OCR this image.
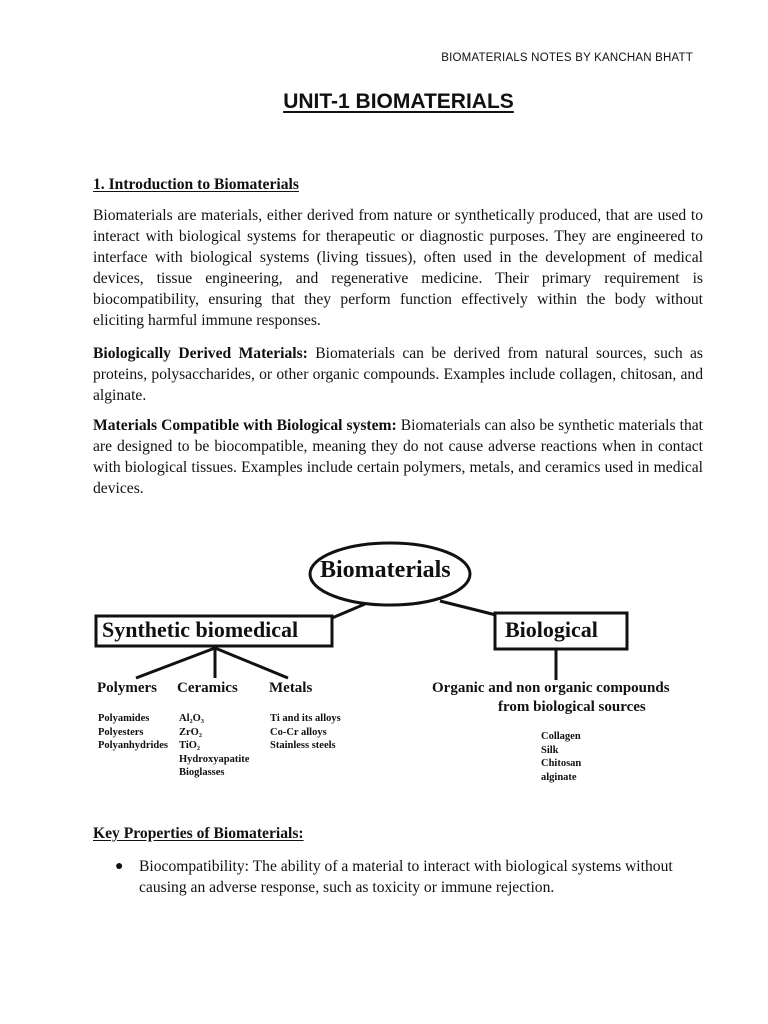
BIOMATERIALS NOTES BY KANCHAN BHATT
UNIT-1 BIOMATERIALS
1. Introduction to Biomaterials

Biomaterials are materials, either derived from nature or synthetically produced, that are used to interact with biological systems for therapeutic or diagnostic purposes. They are engineered to interface with biological systems (living tissues), often used in the development of medical devices, tissue engineering, and regenerative medicine. Their primary requirement is biocompatibility, ensuring that they perform function effectively within the body without eliciting harmful immune responses.

Biologically Derived Materials: Biomaterials can be derived from natural sources, such as proteins, polysaccharides, or other organic compounds. Examples include collagen, chitosan, and alginate.

Materials Compatible with Biological system: Biomaterials can also be synthetic materials that are designed to be biocompatible, meaning they do not cause adverse reactions when in contact with biological tissues. Examples include certain polymers, metals, and ceramics used in medical devices.

Biomaterials
Synthetic biomedical	Biological
Polymers Ceramics Metals
Polyamides
Polyesters
Polyanhydrides
Al₂O₃
ZrO₂
TiO₂
Hydroxyapatite
Bioglasses
Ti and its alloys
Co-Cr alloys
Stainless steels
Organic and non organic compounds
from biological sources
Collagen
Silk
Chitosan
alginate
Key Properties of Biomaterials:
● Biocompatibility: The ability of a material to interact with biological systems without causing an adverse response, such as toxicity or immune rejection.
